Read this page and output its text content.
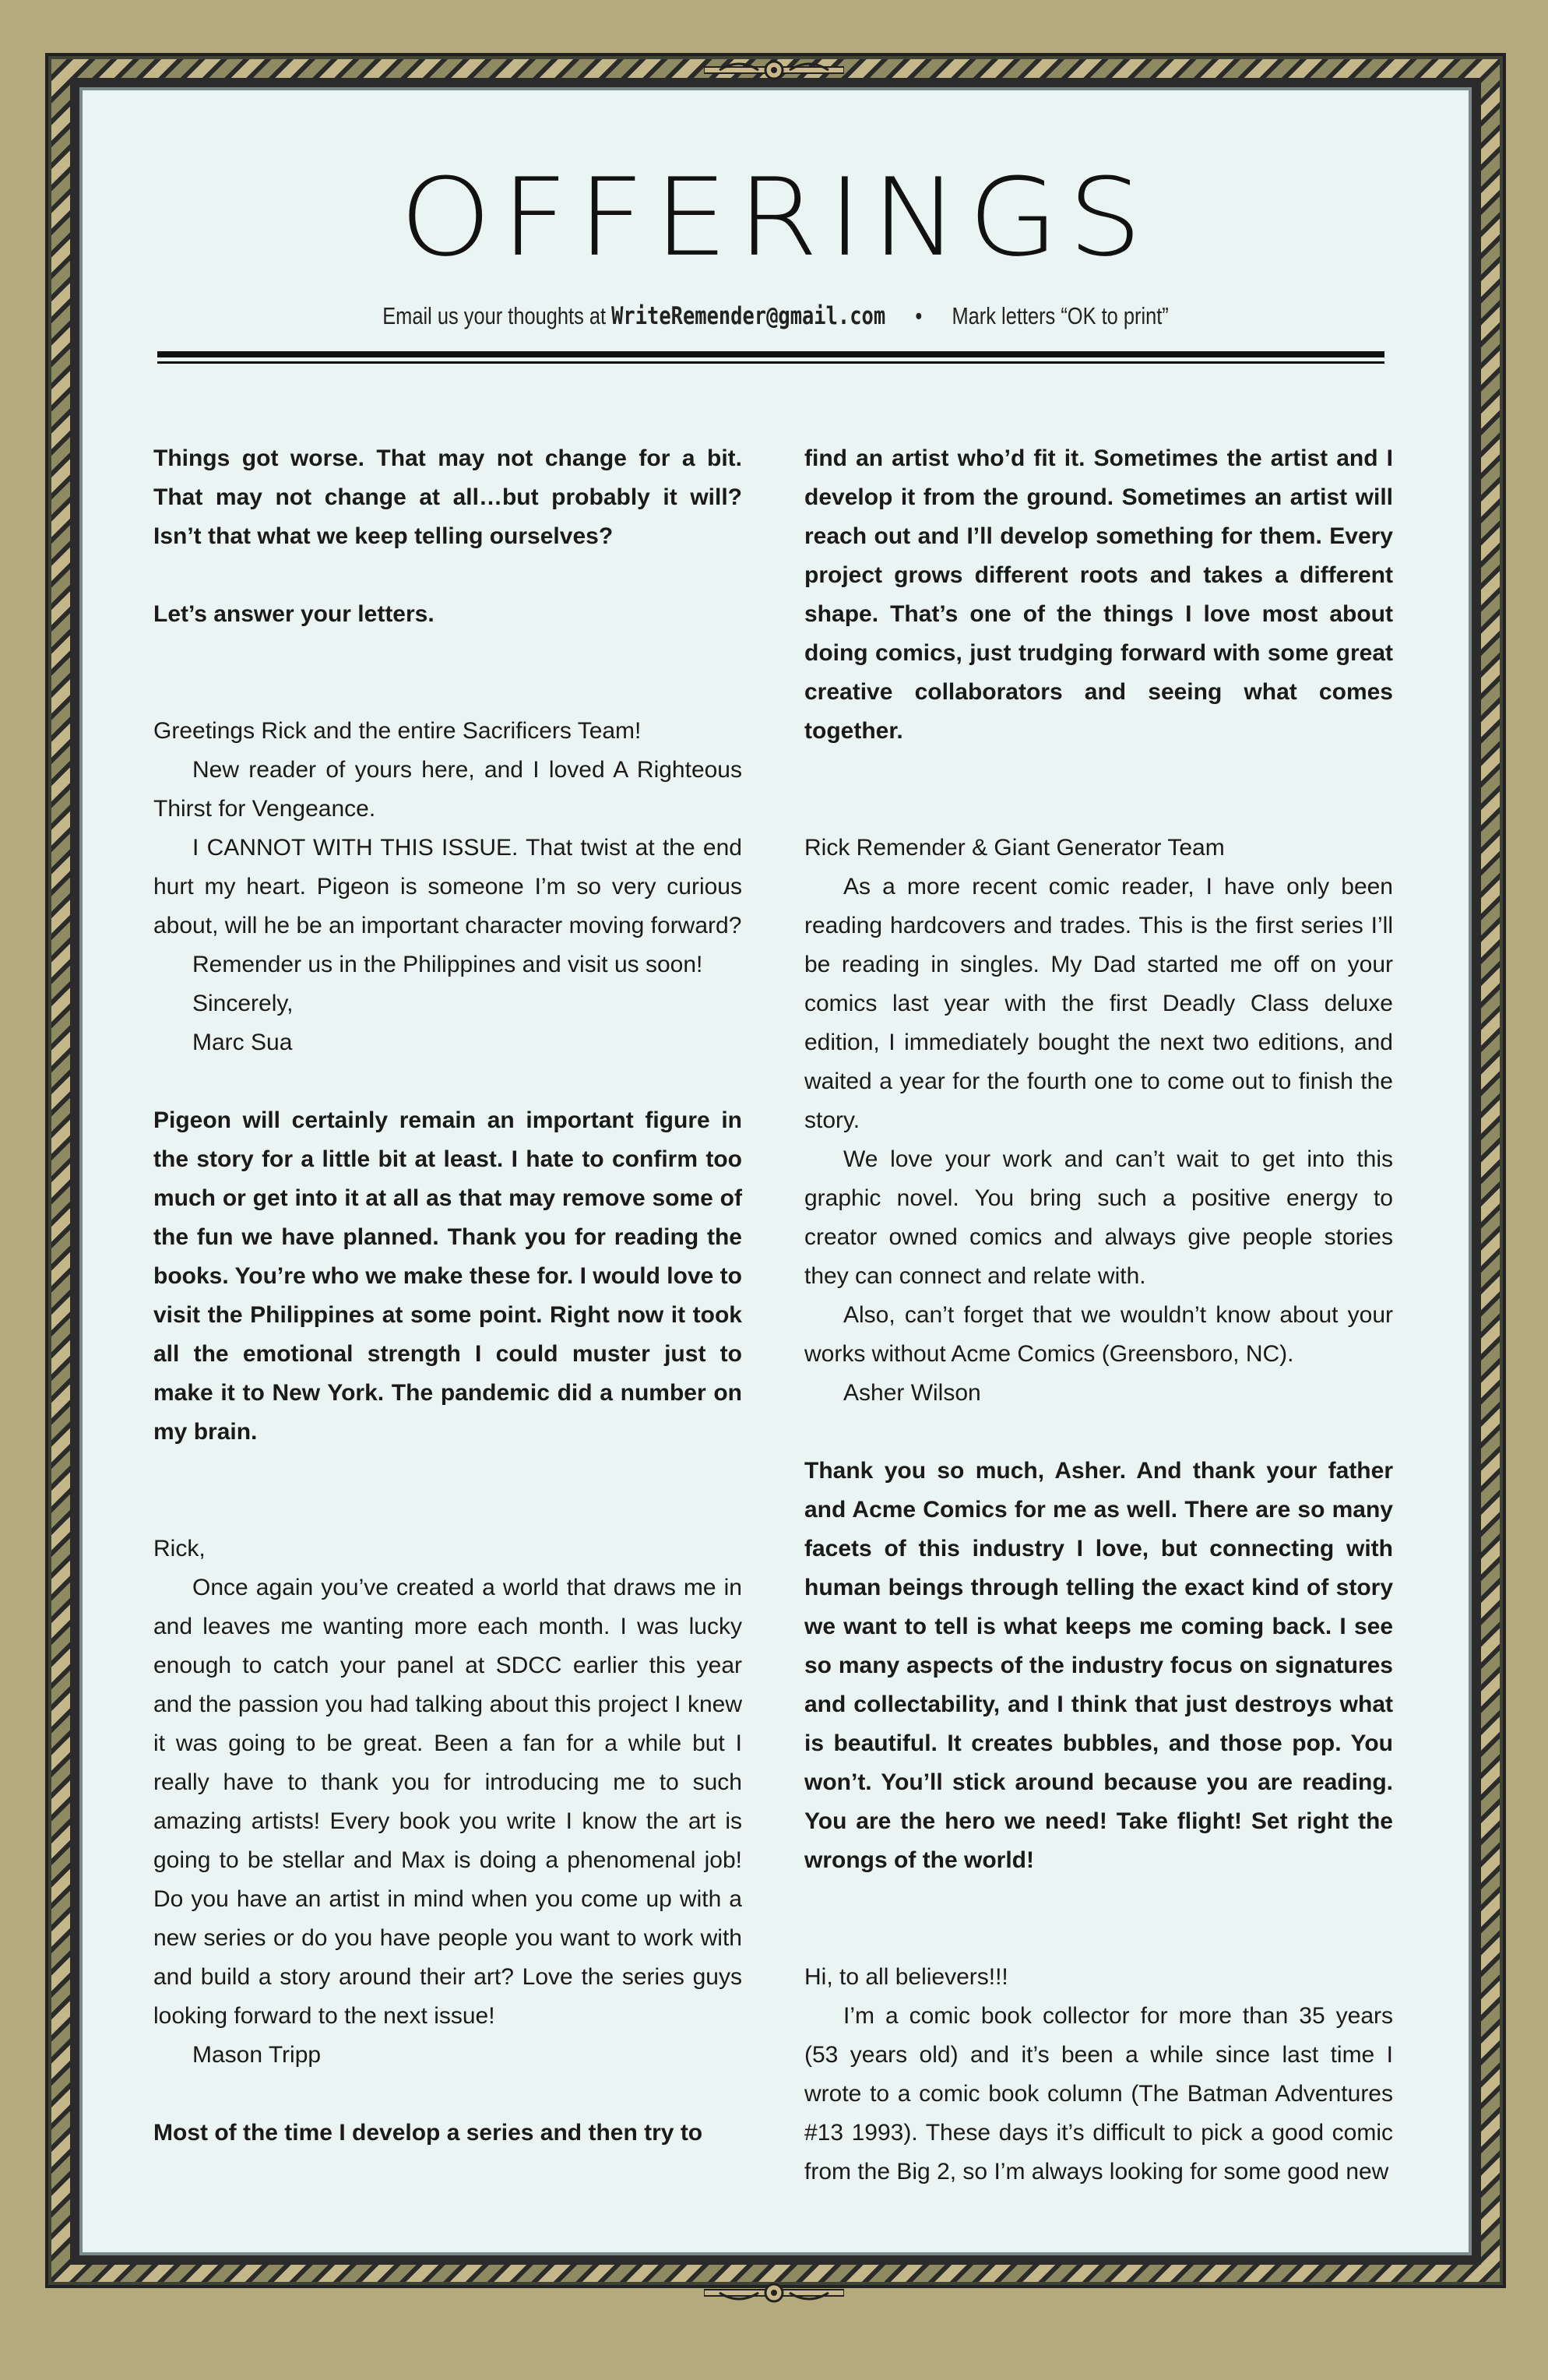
OFFERINGS
Email us your thoughts at WriteRemender@gmail.com • Mark letters “OK to print”

Things got worse. That may not change for a bit. That may not change at all…but probably it will? Isn’t that what we keep telling ourselves?

Let’s answer your letters.

Greetings Rick and the entire Sacrificers Team!

New reader of yours here, and I loved A Righteous Thirst for Vengeance.

I CANNOT WITH THIS ISSUE. That twist at the end hurt my heart. Pigeon is someone I’m so very curious about, will he be an important character moving forward?

Remender us in the Philippines and visit us soon!

Sincerely,

Marc Sua

Pigeon will certainly remain an important figure in the story for a little bit at least. I hate to confirm too much or get into it at all as that may remove some of the fun we have planned. Thank you for reading the books. You’re who we make these for. I would love to visit the Philippines at some point. Right now it took all the emotional strength I could muster just to make it to New York. The pandemic did a number on my brain.

Rick,

Once again you’ve created a world that draws me in and leaves me wanting more each month. I was lucky enough to catch your panel at SDCC earlier this year and the passion you had talking about this project I knew it was going to be great. Been a fan for a while but I really have to thank you for introducing me to such amazing artists! Every book you write I know the art is going to be stellar and Max is doing a phenomenal job! Do you have an artist in mind when you come up with a new series or do you have people you want to work with and build a story around their art? Love the series guys looking forward to the next issue!

Mason Tripp

Most of the time I develop a series and then try to

find an artist who’d fit it. Sometimes the artist and I develop it from the ground. Sometimes an artist will reach out and I’ll develop something for them. Every project grows different roots and takes a different shape. That’s one of the things I love most about doing comics, just trudging forward with some great creative collaborators and seeing what comes together.

Rick Remender & Giant Generator Team

As a more recent comic reader, I have only been reading hardcovers and trades. This is the first series I’ll be reading in singles. My Dad started me off on your comics last year with the first Deadly Class deluxe edition, I immediately bought the next two editions, and waited a year for the fourth one to come out to finish the story.

We love your work and can’t wait to get into this graphic novel. You bring such a positive energy to creator owned comics and always give people stories they can connect and relate with.

Also, can’t forget that we wouldn’t know about your works without Acme Comics (Greensboro, NC).

Asher Wilson

Thank you so much, Asher. And thank your father and Acme Comics for me as well. There are so many facets of this industry I love, but connecting with human beings through telling the exact kind of story we want to tell is what keeps me coming back. I see so many aspects of the industry focus on signatures and collectability, and I think that just destroys what is beautiful. It creates bubbles, and those pop. You won’t. You’ll stick around because you are reading. You are the hero we need! Take flight! Set right the wrongs of the world!

Hi, to all believers!!!

I’m a comic book collector for more than 35 years (53 years old) and it’s been a while since last time I wrote to a comic book column (The Batman Adventures #13 1993). These days it’s difficult to pick a good comic from the Big 2, so I’m always looking for some good new
